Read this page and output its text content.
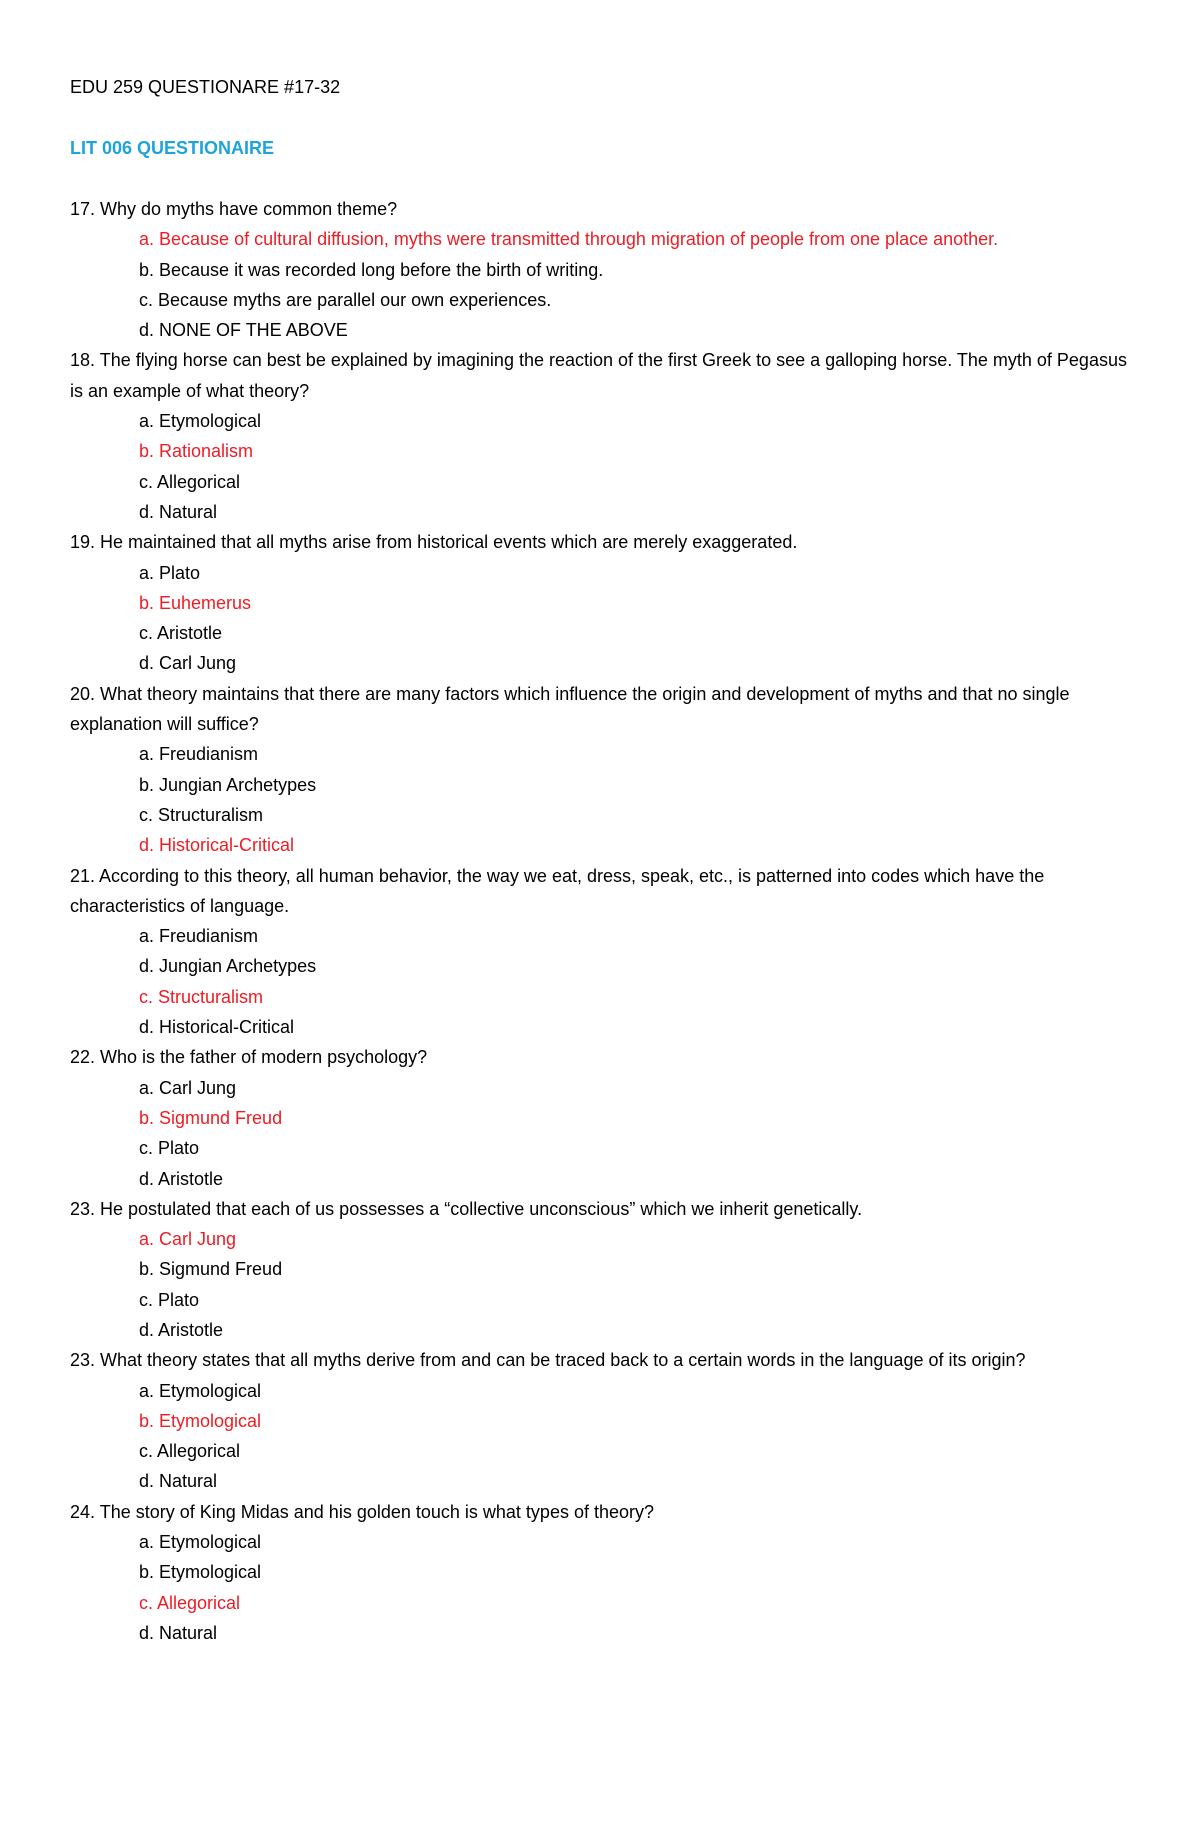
EDU 259 QUESTIONARE #17-32
LIT 006 QUESTIONAIRE
17. Why do myths have common theme?
a. Because of cultural diffusion, myths were transmitted through migration of people from one place another.
b. Because it was recorded long before the birth of writing.
c. Because myths are parallel our own experiences.
d. NONE OF THE ABOVE
18. The flying horse can best be explained by imagining the reaction of the first Greek to see a galloping horse. The myth of Pegasus is an example of what theory?
a. Etymological
b. Rationalism
c. Allegorical
d. Natural
19. He maintained that all myths arise from historical events which are merely exaggerated.
a. Plato
b. Euhemerus
c. Aristotle
d. Carl Jung
20. What theory maintains that there are many factors which influence the origin and development of myths and that no single explanation will suffice?
a. Freudianism
b. Jungian Archetypes
c. Structuralism
d. Historical-Critical
21. According to this theory, all human behavior, the way we eat, dress, speak, etc., is patterned into codes which have the characteristics of language.
a. Freudianism
d. Jungian Archetypes
c. Structuralism
d. Historical-Critical
22. Who is the father of modern psychology?
a. Carl Jung
b. Sigmund Freud
c. Plato
d. Aristotle
23. He postulated that each of us possesses a “collective unconscious” which we inherit genetically.
a. Carl Jung
b. Sigmund Freud
c. Plato
d. Aristotle
23. What theory states that all myths derive from and can be traced back to a certain words in the language of its origin?
a. Etymological
b. Etymological
c. Allegorical
d. Natural
24. The story of King Midas and his golden touch is what types of theory?
a. Etymological
b. Etymological
c. Allegorical
d. Natural
